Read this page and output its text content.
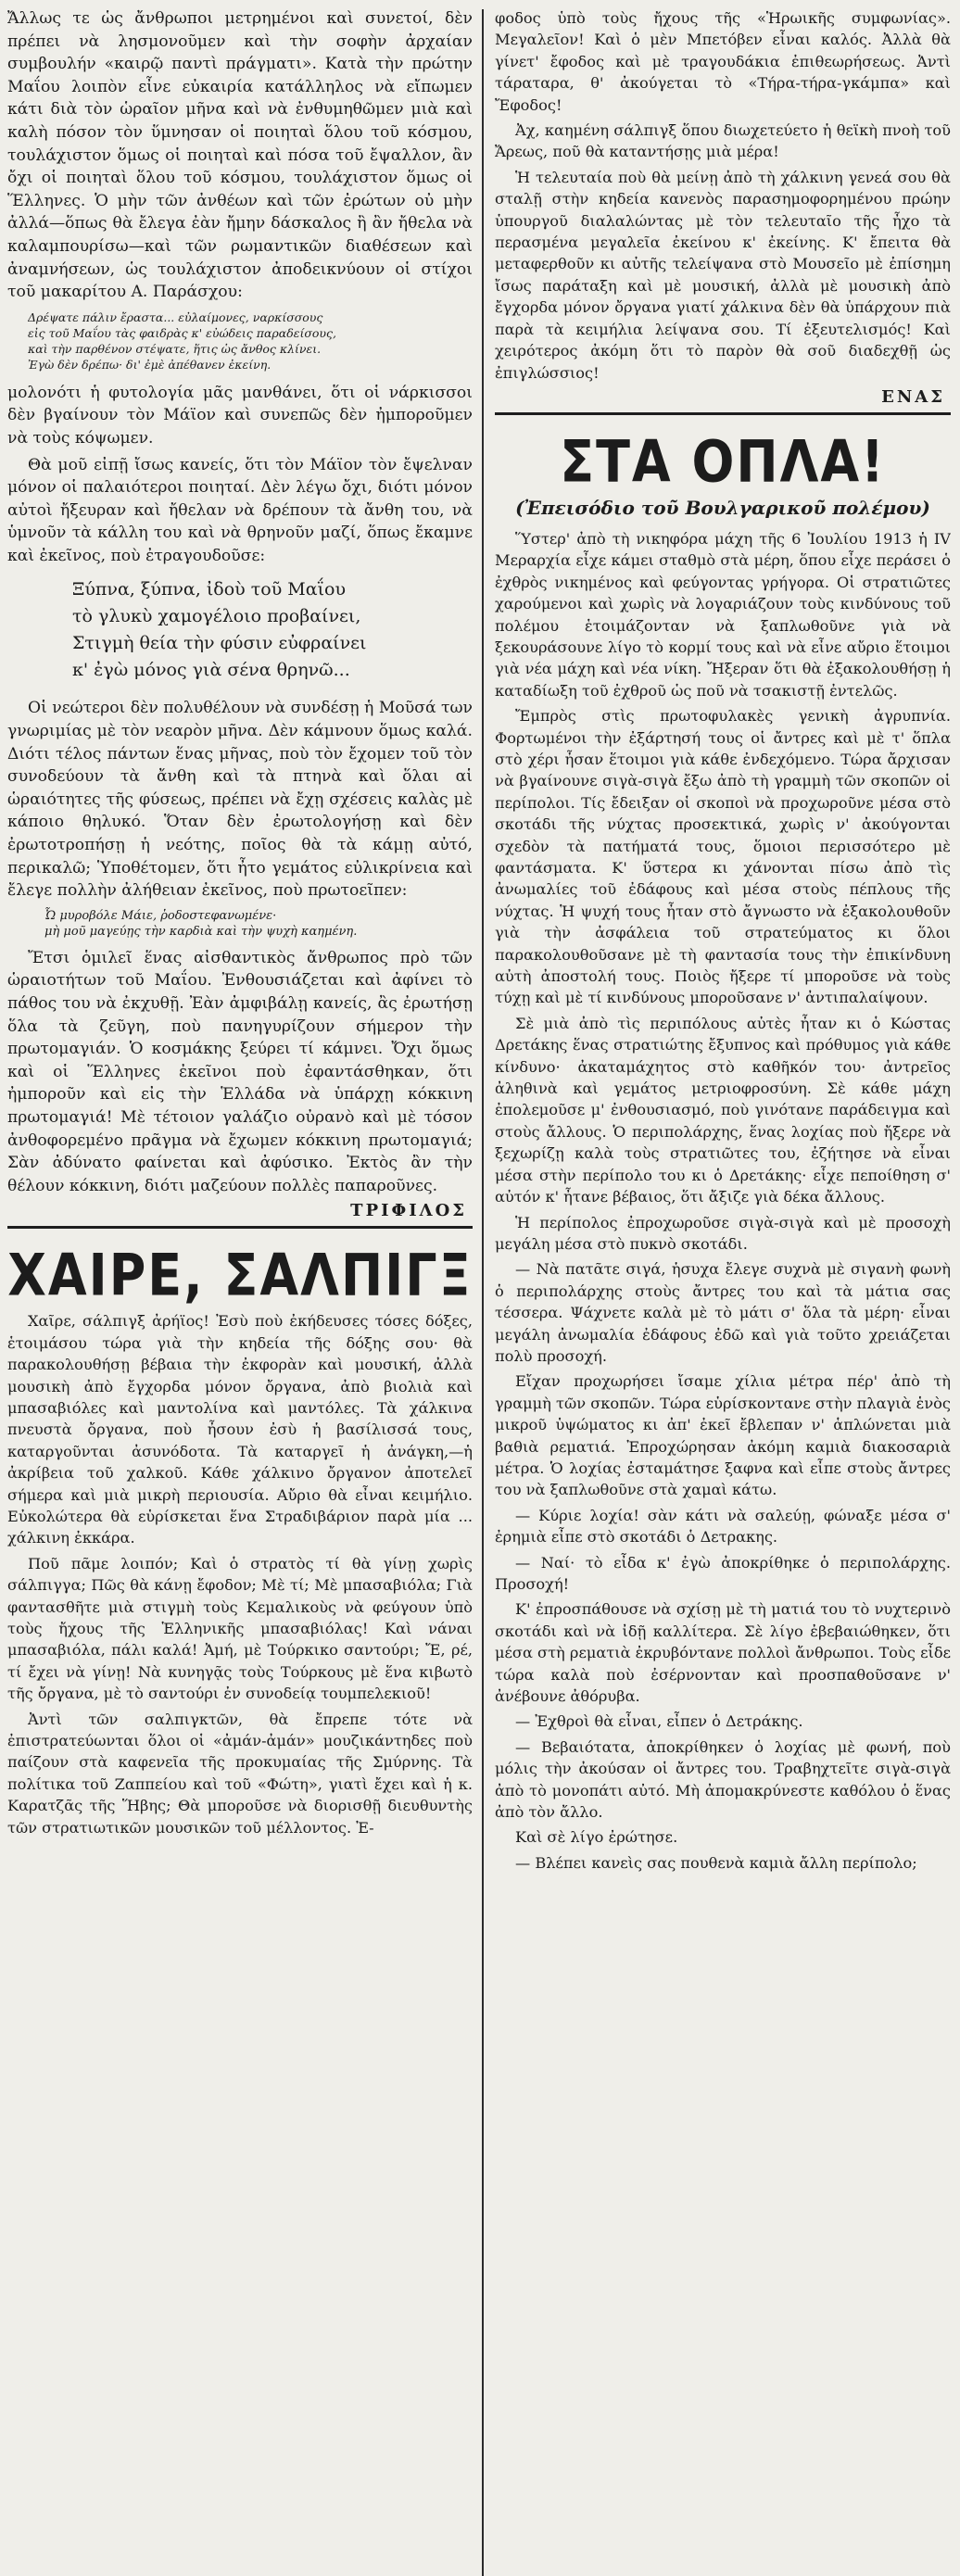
Ἄλλως τε ὡς ἄνθρωποι μετρημένοι καὶ συνετοί, δὲν πρέπει νὰ λησμονοῦμεν καὶ τὴν σοφὴν ἀρχαίαν συμβουλήν «καιρῷ παντὶ πράγματι». Κατὰ τὴν πρώτην Μαΐου λοιπὸν εἶνε εὐκαιρία κατάλληλος νὰ εἴπωμεν κάτι διὰ τὸν ὡραῖον μῆνα καὶ νὰ ἐνθυμηθῶμεν μιὰ καὶ καλὴ πόσον τὸν ὕμνησαν οἱ ποιηταὶ ὅλου τοῦ κόσμου, τουλάχιστον ὅμως οἱ ποιηταὶ καὶ πόσα τοῦ ἔψαλλον, ἂν ὄχι οἱ ποιηταὶ ὅλου τοῦ κόσμου, τουλάχιστον ὅμως οἱ Ἕλληνες. Ὁ μὴν τῶν ἀνθέων καὶ τῶν ἐρώτων οὐ μὴν ἀλλά—ὅπως θὰ ἔλεγα ἐὰν ἤμην δάσκαλος ἢ ἂν ἤθελα νὰ καλαμπουρίσω—καὶ τῶν ρωμαντικῶν διαθέσεων καὶ ἀναμνήσεων, ὡς τουλάχιστον ἀποδεικνύουν οἱ στίχοι τοῦ μακαρίτου Α. Παράσχου:

Δρέψατε πάλιν ἔραστα... εὐλαίμονες, ναρκίσσους
εἰς τοῦ Μαΐου τὰς φαιδρὰς κ' εὐώδεις παραδείσους,
καὶ τὴν παρθένον στέψατε, ἥτις ὡς ἄνθος κλίνει.
Ἐγὼ δὲν δρέπω· δι' ἐμὲ ἀπέθανεν ἐκείνη.

μολονότι ἡ φυτολογία μᾶς μανθάνει, ὅτι οἱ νάρκισσοι δὲν βγαίνουν τὸν Μάϊον καὶ συνεπῶς δὲν ἠμποροῦμεν νὰ τοὺς κόψωμεν.

Θὰ μοῦ εἰπῇ ἴσως κανείς, ὅτι τὸν Μάϊον τὸν ἔψελναν μόνον οἱ παλαιότεροι ποιηταί. Δὲν λέγω ὄχι, διότι μόνον αὐτοὶ ἤξευραν καὶ ἤθελαν νὰ δρέπουν τὰ ἄνθη του, νὰ ὑμνοῦν τὰ κάλλη του καὶ νὰ θρηνοῦν μαζί, ὅπως ἔκαμνε καὶ ἐκεῖνος, ποὺ ἐτραγουδοῦσε:

Ξύπνα, ξύπνα, ἰδοὺ τοῦ Μαΐου
τὸ γλυκὺ χαμογέλοιο προβαίνει,
Στιγμὴ θεία τὴν φύσιν εὐφραίνει
κ' ἐγὼ μόνος γιὰ σένα θρηνῶ...

Οἱ νεώτεροι δὲν πολυθέλουν νὰ συνδέσῃ ἡ Μοῦσά των γνωριμίας μὲ τὸν νεαρὸν μῆνα. Δὲν κάμνουν ὅμως καλά. Διότι τέλος πάντων ἕνας μῆνας, ποὺ τὸν ἔχομεν τοῦ τὸν συνοδεύουν τὰ ἄνθη καὶ τὰ πτηνὰ καὶ ὅλαι αἱ ὡραιότητες τῆς φύσεως, πρέπει νὰ ἔχῃ σχέσεις καλὰς μὲ κάποιο θηλυκό. Ὅταν δὲν ἐρωτολογήσῃ καὶ δὲν ἐρωτοτροπήσῃ ἡ νεότης, ποῖος θὰ τὰ κάμῃ αὐτό, περικαλῶ; Ὑποθέτομεν, ὅτι ἦτο γεμάτος εὐλικρίνεια καὶ ἔλεγε πολλὴν ἀλήθειαν ἐκεῖνος, ποὺ πρωτοεῖπεν:

Ὦ μυροβόλε Μάιε, ῥοδοστεφανωμένε·
μὴ μοῦ μαγεύῃς τὴν καρδιὰ καὶ τὴν ψυχὴ καημένη.

Ἔτσι ὁμιλεῖ ἕνας αἰσθαντικὸς ἄνθρωπος πρὸ τῶν ὡραιοτήτων τοῦ Μαΐου. Ἐνθουσιάζεται καὶ ἀφίνει τὸ πάθος του νὰ ἐκχυθῇ. Ἐὰν ἀμφιβάλῃ κανείς, ἂς ἐρωτήσῃ ὅλα τὰ ζεῦγη, ποὺ πανηγυρίζουν σήμερον τὴν πρωτομαγιάν. Ὁ κοσμάκης ξεύρει τί κάμνει. Ὄχι ὅμως καὶ οἱ Ἕλληνες ἐκεῖνοι ποὺ ἐφαντάσθηκαν, ὅτι ἠμποροῦν καὶ εἰς τὴν Ἑλλάδα νὰ ὑπάρχῃ κόκκινη πρωτομαγιά! Μὲ τέτοιον γαλάζιο οὐρανὸ καὶ μὲ τόσον ἀνθοφορεμένο πρᾶγμα νὰ ἔχωμεν κόκκινη πρωτομαγιά; Σὰν ἀδύνατο φαίνεται καὶ ἀφύσικο. Ἐκτὸς ἂν τὴν θέλουν κόκκινη, διότι μαζεύουν πολλὲς παπαροῦνες.

ΤΡΙΦΙΛΟΣ
ΧΑΙΡΕ, ΣΑΛΠΙΓΞ

Χαῖρε, σάλπιγξ ἀρήϊος! Ἐσὺ ποὺ ἐκήδευσες τόσες δόξες, ἑτοιμάσου τώρα γιὰ τὴν κηδεία τῆς δόξης σου· θὰ παρακολουθήσῃ βέβαια τὴν ἐκφορὰν καὶ μουσική, ἀλλὰ μουσικὴ ἀπὸ ἔγχορδα μόνον ὄργανα, ἀπὸ βιολιὰ καὶ μπασαβιόλες καὶ μαντολίνα καὶ μαντόλες. Τὰ χάλκινα πνευστὰ ὄργανα, ποὺ ἦσουν ἐσὺ ἡ βασίλισσά τους, καταργοῦνται ἀσυνόδοτα. Τὰ καταργεῖ ἡ ἀνάγκη,—ἡ ἀκρίβεια τοῦ χαλκοῦ. Κάθε χάλκινο ὄργανον ἀποτελεῖ σήμερα καὶ μιὰ μικρὴ περιουσία. Αὔριο θὰ εἶναι κειμήλιο. Εὐκολώτερα θὰ εὑρίσκεται ἕνα Στραδιβάριον παρὰ μία ... χάλκινη ἐκκάρα.

Ποῦ πᾶμε λοιπόν; Καὶ ὁ στρατὸς τί θὰ γίνῃ χωρὶς σάλπιγγα; Πῶς θὰ κάνῃ ἔφοδον; Μὲ τί; Μὲ μπασαβιόλα; Γιὰ φαντασθῆτε μιὰ στιγμὴ τοὺς Κεμαλικοὺς νὰ φεύγουν ὑπὸ τοὺς ἤχους τῆς Ἑλληνικῆς μπασαβιόλας! Καὶ νάναι μπασαβιόλα, πάλι καλά! Ἀμή, μὲ Τούρκικο σαντούρι; Ἔ, ρέ, τί ἔχει νὰ γίνῃ! Νὰ κυνηγᾷς τοὺς Τούρκους μὲ ἕνα κιβωτὸ τῆς ὄργανα, μὲ τὸ σαντούρι ἐν συνοδείᾳ τουμπελεκιοῦ!

Ἀντὶ τῶν σαλπιγκτῶν, θὰ ἔπρεπε τότε νὰ ἐπιστρατεύωνται ὅλοι οἱ «ἀμάν-ἀμάν» μουζικάντηδες ποὺ παίζουν στὰ καφενεῖα τῆς προκυμαίας τῆς Σμύρνης. Τὰ πολίτικα τοῦ Ζαππείου καὶ τοῦ «Φώτη», γιατὶ ἔχει καὶ ἡ κ. Καρατζᾶς τῆς Ἥβης; Θὰ μποροῦσε νὰ διορισθῇ διευθυντὴς τῶν στρατιωτικῶν μουσικῶν τοῦ μέλλοντος. Ἐ-

φοδος ὑπὸ τοὺς ἤχους τῆς «Ἡρωικῆς συμφωνίας». Μεγαλεῖον! Καὶ ὁ μὲν Μπετόβεν εἶναι καλός. Ἀλλὰ θὰ γίνετ' ἔφοδος καὶ μὲ τραγουδάκια ἐπιθεωρήσεως. Ἀντὶ τάραταρα, θ' ἀκούγεται τὸ «Τήρα-τήρα-γκάμπα» καὶ Ἔφοδος!

Ἀχ, καημένη σάλπιγξ ὅπου διωχετεύετο ἡ θεϊκὴ πνοὴ τοῦ Ἄρεως, ποῦ θὰ καταντήσῃς μιὰ μέρα!

Ἡ τελευταία ποὺ θὰ μείνῃ ἀπὸ τὴ χάλκινη γενεά σου θὰ σταλῇ στὴν κηδεία κανενὸς παρασημοφορημένου πρώην ὑπουργοῦ διαλαλώντας μὲ τὸν τελευταῖο τῆς ἦχο τὰ περασμένα μεγαλεῖα ἐκείνου κ' ἐκείνης. Κ' ἔπειτα θὰ μεταφερθοῦν κι αὐτῆς τελείψανα στὸ Μουσεῖο μὲ ἐπίσημη ἴσως παράταξη καὶ μὲ μουσική, ἀλλὰ μὲ μουσικὴ ἀπὸ ἔγχορδα μόνον ὄργανα γιατί χάλκινα δὲν θὰ ὑπάρχουν πιὰ παρὰ τὰ κειμήλια λείψανα σου. Τί ἐξευτελισμός! Καὶ χειρότερος ἀκόμη ὅτι τὸ παρὸν θὰ σοῦ διαδεχθῇ ὡς ἐπιγλώσσιος!

ΕΝΑΣ
ΣΤΑ ΟΠΛΑ!
(Ἐπεισόδιο τοῦ Βουλγαρικοῦ πολέμου)

Ὕστερ' ἀπὸ τὴ νικηφόρα μάχη τῆς 6 Ἰουλίου 1913 ἡ IV Μεραρχία εἶχε κάμει σταθμὸ στὰ μέρη, ὅπου εἶχε περάσει ὁ ἐχθρὸς νικημένος καὶ φεύγοντας γρήγορα. Οἱ στρατιῶτες χαρούμενοι καὶ χωρὶς νὰ λογαριάζουν τοὺς κινδύνους τοῦ πολέμου ἑτοιμάζονταν νὰ ξαπλωθοῦνε γιὰ νὰ ξεκουράσουνε λίγο τὸ κορμί τους καὶ νὰ εἶνε αὔριο ἕτοιμοι γιὰ νέα μάχη καὶ νέα νίκη. Ἤξεραν ὅτι θὰ ἐξακολουθήσῃ ἡ καταδίωξη τοῦ ἐχθροῦ ὡς ποῦ νὰ τσακιστῇ ἐντελῶς.

Ἔμπρὸς στὶς πρωτοφυλακὲς γενικὴ ἀγρυπνία. Φορτωμένοι τὴν ἐξάρτησή τους οἱ ἄντρες καὶ μὲ τ' ὅπλα στὸ χέρι ἦσαν ἕτοιμοι γιὰ κάθε ἐνδεχόμενο. Τώρα ἄρχισαν νὰ βγαίνουνε σιγὰ-σιγὰ ἔξω ἀπὸ τὴ γραμμὴ τῶν σκοπῶν οἱ περίπολοι. Τίς ἔδειξαν οἱ σκοποὶ νὰ προχωροῦνε μέσα στὸ σκοτάδι τῆς νύχτας προσεκτικά, χωρὶς ν' ἀκούγονται σχεδὸν τὰ πατήματά τους, ὅμοιοι περισσότερο μὲ φαντάσματα. Κ' ὕστερα κι χάνονται πίσω ἀπὸ τὶς ἀνωμαλίες τοῦ ἐδάφους καὶ μέσα στοὺς πέπλους τῆς νύχτας. Ἡ ψυχή τους ἦταν στὸ ἄγνωστο νὰ ἐξακολουθοῦν γιὰ τὴν ἀσφάλεια τοῦ στρατεύματος κι ὅλοι παρακολουθοῦσανε μὲ τὴ φαντασία τους τὴν ἐπικίνδυνη αὐτὴ ἀποστολή τους. Ποιὸς ἤξερε τί μποροῦσε νὰ τοὺς τύχῃ καὶ μὲ τί κινδύνους μποροῦσανε ν' ἀντιπαλαίψουν.

Σὲ μιὰ ἀπὸ τὶς περιπόλους αὐτὲς ἦταν κι ὁ Κώστας Δρετάκης ἕνας στρατιώτης ἔξυπνος καὶ πρόθυμος γιὰ κάθε κίνδυνο· ἀκαταμάχητος στὸ καθῆκόν του· ἀντρεῖος ἀληθινὰ καὶ γεμάτος μετριοφροσύνη. Σὲ κάθε μάχη ἐπολεμοῦσε μ' ἐνθουσιασμό, ποὺ γινότανε παράδειγμα καὶ στοὺς ἄλλους. Ὁ περιπολάρχης, ἕνας λοχίας ποὺ ἤξερε νὰ ξεχωρίζῃ καλὰ τοὺς στρατιῶτες του, ἐζήτησε νὰ εἶναι μέσα στὴν περίπολο του κι ὁ Δρετάκης· εἶχε πεποίθηση σ' αὐτόν κ' ἦτανε βέβαιος, ὅτι ἄξιζε γιὰ δέκα ἄλλους.

Ἡ περίπολος ἐπροχωροῦσε σιγὰ-σιγὰ καὶ μὲ προσοχὴ μεγάλη μέσα στὸ πυκνὸ σκοτάδι.

— Νὰ πατᾶτε σιγά, ἡσυχα ἔλεγε συχνὰ μὲ σιγανὴ φωνὴ ὁ περιπολάρχης στοὺς ἄντρες του καὶ τὰ μάτια σας τέσσερα. Ψάχνετε καλὰ μὲ τὸ μάτι σ' ὅλα τὰ μέρη· εἶναι μεγάλη ἀνωμαλία ἐδάφους ἐδῶ καὶ γιὰ τοῦτο χρειάζεται πολὺ προσοχή.

Εἴχαν προχωρήσει ἴσαμε χίλια μέτρα πέρ' ἀπὸ τὴ γραμμὴ τῶν σκοπῶν. Τώρα εὑρίσκοντανε στὴν πλαγιὰ ἑνὸς μικροῦ ὑψώματος κι ἀπ' ἐκεῖ ἔβλεπαν ν' ἁπλώνεται μιὰ βαθιὰ ρεματιά. Ἐπροχώρησαν ἀκόμη καμιὰ διακοσαριὰ μέτρα. Ὁ λοχίας ἐσταμάτησε ξαφνα καὶ εἶπε στοὺς ἄντρες του νὰ ξαπλωθοῦνε στὰ χαμαὶ κάτω.

— Κύριε λοχία! σὰν κάτι νὰ σαλεύῃ, φώναξε μέσα σ' ἐρημιὰ εἶπε στὸ σκοτάδι ὁ Δετρακης.

— Ναί· τὸ εἶδα κ' ἐγὼ ἀποκρίθηκε ὁ περιπολάρχης. Προσοχή!

Κ' ἐπροσπάθουσε νὰ σχίσῃ μὲ τὴ ματιά του τὸ νυχτερινὸ σκοτάδι καὶ νὰ ἰδῇ καλλίτερα. Σὲ λίγο ἐβεβαιώθηκεν, ὅτι μέσα στὴ ρεματιὰ ἐκρυβόντανε πολλοὶ ἄνθρωποι. Τοὺς εἶδε τώρα καλὰ ποὺ ἐσέρνονταν καὶ προσπαθοῦσανε ν' ἀνέβουνε ἀθόρυβα.

— Ἐχθροὶ θὰ εἶναι, εἶπεν ὁ Δετράκης.

— Βεβαιότατα, ἀποκρίθηκεν ὁ λοχίας μὲ φωνή, ποὺ μόλις τὴν ἀκούσαν οἱ ἄντρες του. Τραβηχτεῖτε σιγὰ-σιγὰ ἀπὸ τὸ μονοπάτι αὐτό. Μὴ ἀπομακρύνεστε καθόλου ὁ ἕνας ἀπὸ τὸν ἄλλο.

Καὶ σὲ λίγο ἐρώτησε.

— Βλέπει κανεὶς σας πουθενὰ καμιὰ ἄλλη περίπολο;
